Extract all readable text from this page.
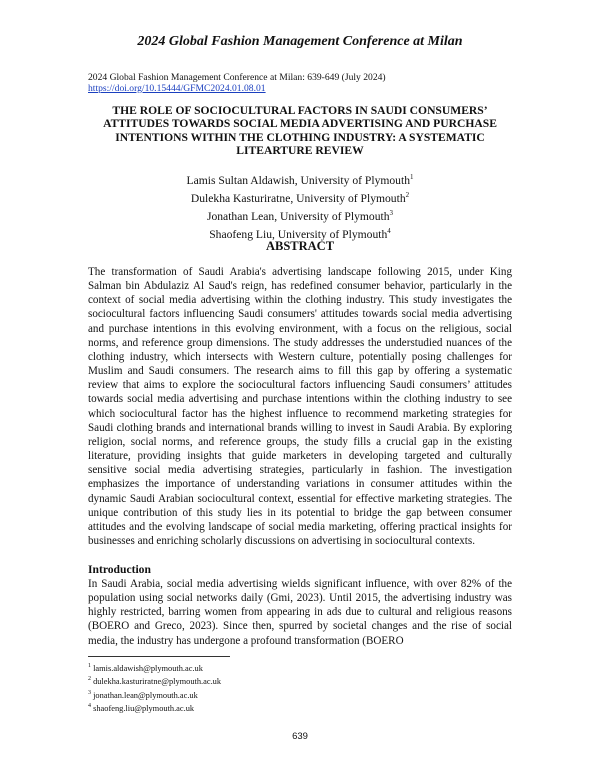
2024 Global Fashion Management Conference at Milan
2024 Global Fashion Management Conference at Milan: 639-649 (July 2024)
https://doi.org/10.15444/GFMC2024.01.08.01
THE ROLE OF SOCIOCULTURAL FACTORS IN SAUDI CONSUMERS’ ATTITUDES TOWARDS SOCIAL MEDIA ADVERTISING AND PURCHASE INTENTIONS WITHIN THE CLOTHING INDUSTRY: A SYSTEMATIC LITEARTURE REVIEW
Lamis Sultan Aldawish, University of Plymouth$^1$
Dulekha Kasturiratne, University of Plymouth$^2$
Jonathan Lean, University of Plymouth$^3$
Shaofeng Liu, University of Plymouth$^4$
ABSTRACT

The transformation of Saudi Arabia's advertising landscape following 2015, under King Salman bin Abdulaziz Al Saud's reign, has redefined consumer behavior, particularly in the context of social media advertising within the clothing industry. This study investigates the sociocultural factors influencing Saudi consumers' attitudes towards social media advertising and purchase intentions in this evolving environment, with a focus on the religious, social norms, and reference group dimensions. The study addresses the understudied nuances of the clothing industry, which intersects with Western culture, potentially posing challenges for Muslim and Saudi consumers. The research aims to fill this gap by offering a systematic review that aims to explore the sociocultural factors influencing Saudi consumers’ attitudes towards social media advertising and purchase intentions within the clothing industry to see which sociocultural factor has the highest influence to recommend marketing strategies for Saudi clothing brands and international brands willing to invest in Saudi Arabia. By exploring religion, social norms, and reference groups, the study fills a crucial gap in the existing literature, providing insights that guide marketers in developing targeted and culturally sensitive social media advertising strategies, particularly in fashion. The investigation emphasizes the importance of understanding variations in consumer attitudes within the dynamic Saudi Arabian sociocultural context, essential for effective marketing strategies. The unique contribution of this study lies in its potential to bridge the gap between consumer attitudes and the evolving landscape of social media marketing, offering practical insights for businesses and enriching scholarly discussions on advertising in sociocultural contexts.

Introduction

In Saudi Arabia, social media advertising wields significant influence, with over 82% of the population using social networks daily (Gmi, 2023). Until 2015, the advertising industry was highly restricted, barring women from appearing in ads due to cultural and religious reasons (BOERO and Greco, 2023). Since then, spurred by societal changes and the rise of social media, the industry has undergone a profound transformation (BOERO

$^1$ lamis.aldawish@plymouth.ac.uk
$^2$ dulekha.kasturiratne@plymouth.ac.uk
$^3$ jonathan.lean@plymouth.ac.uk
$^4$ shaofeng.liu@plymouth.ac.uk
639
